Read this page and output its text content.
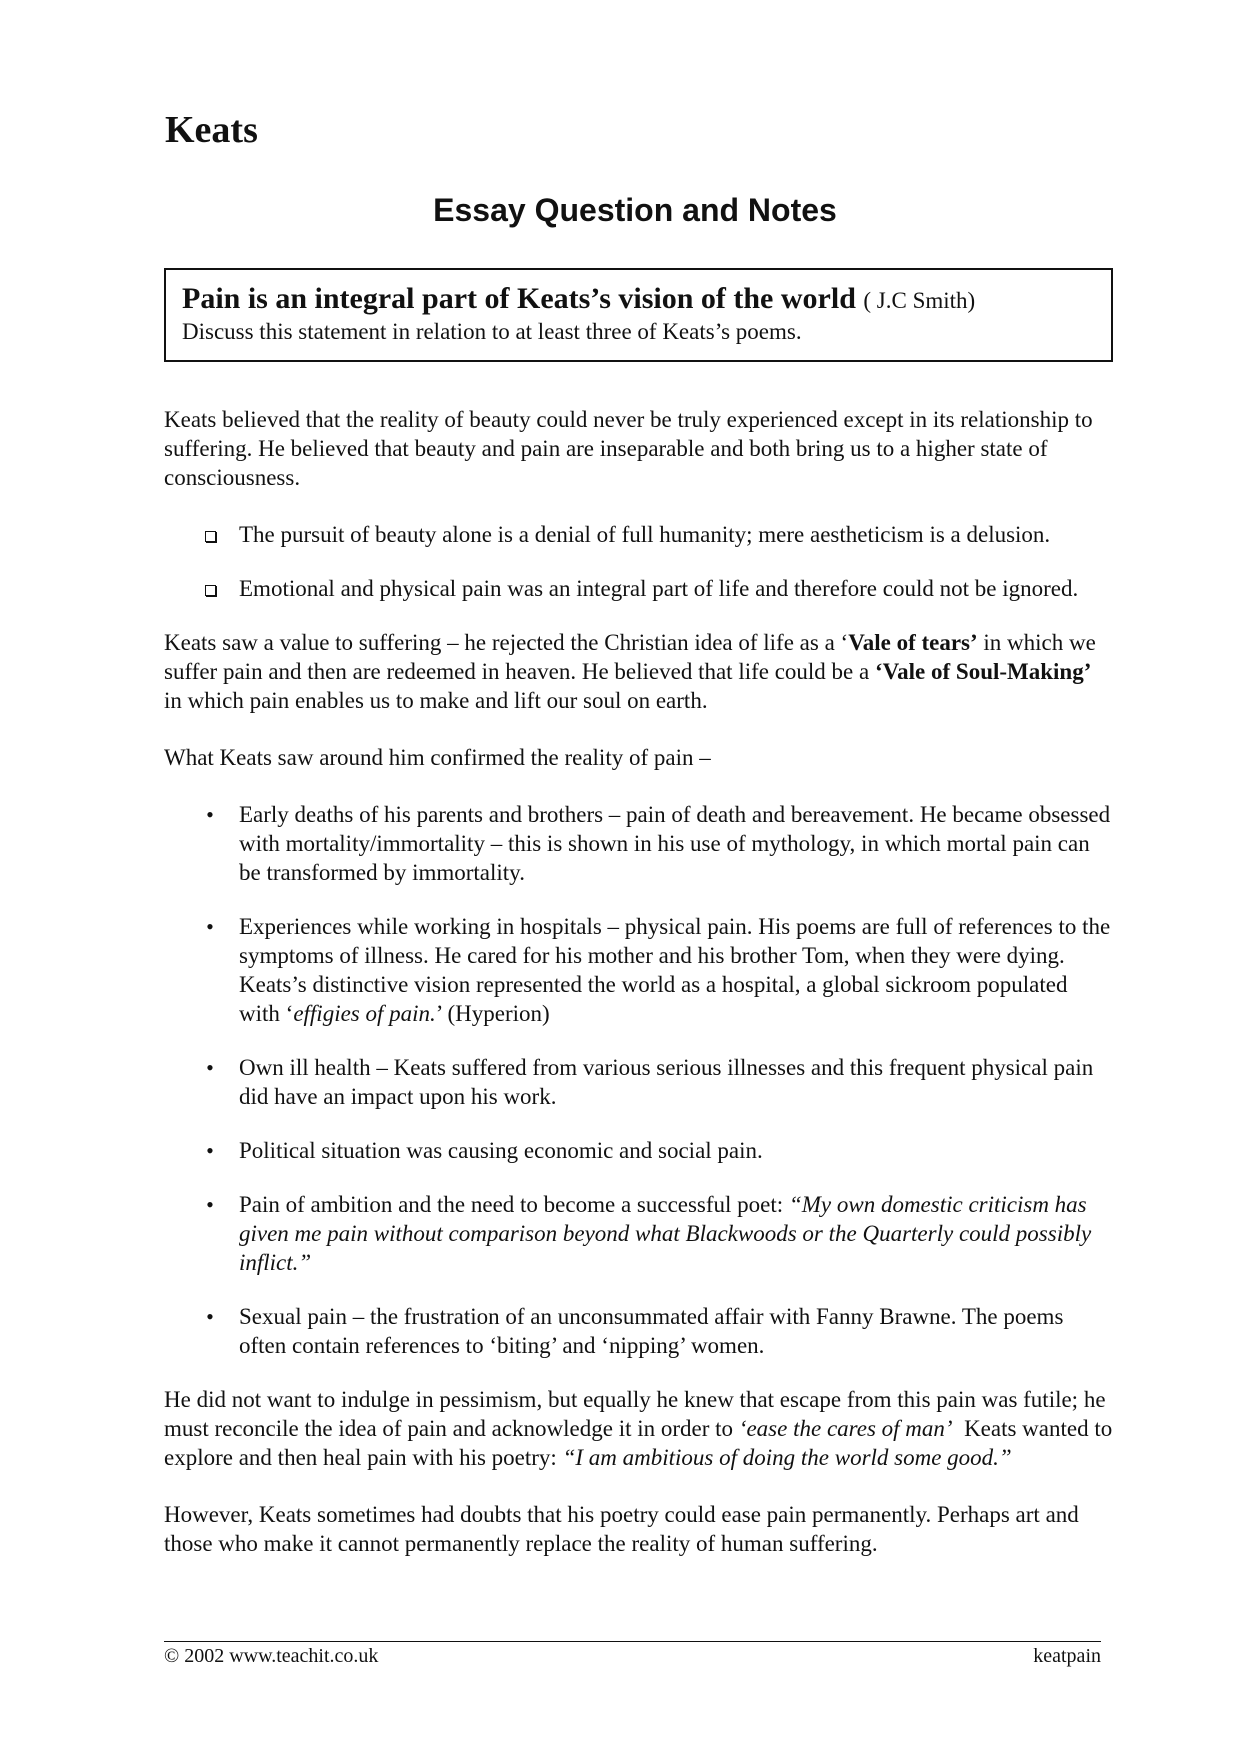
Keats
Essay Question and Notes
Pain is an integral part of Keats’s vision of the world ( J.C Smith)
Discuss this statement in relation to at least three of Keats’s poems.

Keats believed that the reality of beauty could never be truly experienced except in its relationship to suffering. He believed that beauty and pain are inseparable and both bring us to a higher state of consciousness.

The pursuit of beauty alone is a denial of full humanity; mere aestheticism is a delusion.
Emotional and physical pain was an integral part of life and therefore could not be ignored.

Keats saw a value to suffering – he rejected the Christian idea of life as a ‘Vale of tears’ in which we suffer pain and then are redeemed in heaven. He believed that life could be a ‘Vale of Soul-Making’ in which pain enables us to make and lift our soul on earth.

What Keats saw around him confirmed the reality of pain –

• Early deaths of his parents and brothers – pain of death and bereavement. He became obsessed with mortality/immortality – this is shown in his use of mythology, in which mortal pain can be transformed by immortality.
• Experiences while working in hospitals – physical pain. His poems are full of references to the symptoms of illness. He cared for his mother and his brother Tom, when they were dying. Keats’s distinctive vision represented the world as a hospital, a global sickroom populated with ‘effigies of pain.’ (Hyperion)
• Own ill health – Keats suffered from various serious illnesses and this frequent physical pain did have an impact upon his work.
• Political situation was causing economic and social pain.
• Pain of ambition and the need to become a successful poet: “My own domestic criticism has given me pain without comparison beyond what Blackwoods or the Quarterly could possibly inflict.”
• Sexual pain – the frustration of an unconsummated affair with Fanny Brawne. The poems often contain references to ‘biting’ and ‘nipping’ women.

He did not want to indulge in pessimism, but equally he knew that escape from this pain was futile; he must reconcile the idea of pain and acknowledge it in order to ‘ease the cares of man’  Keats wanted to explore and then heal pain with his poetry: “I am ambitious of doing the world some good.”

However, Keats sometimes had doubts that his poetry could ease pain permanently. Perhaps art and those who make it cannot permanently replace the reality of human suffering.

© 2002 www.teachit.co.uk	keatpain
